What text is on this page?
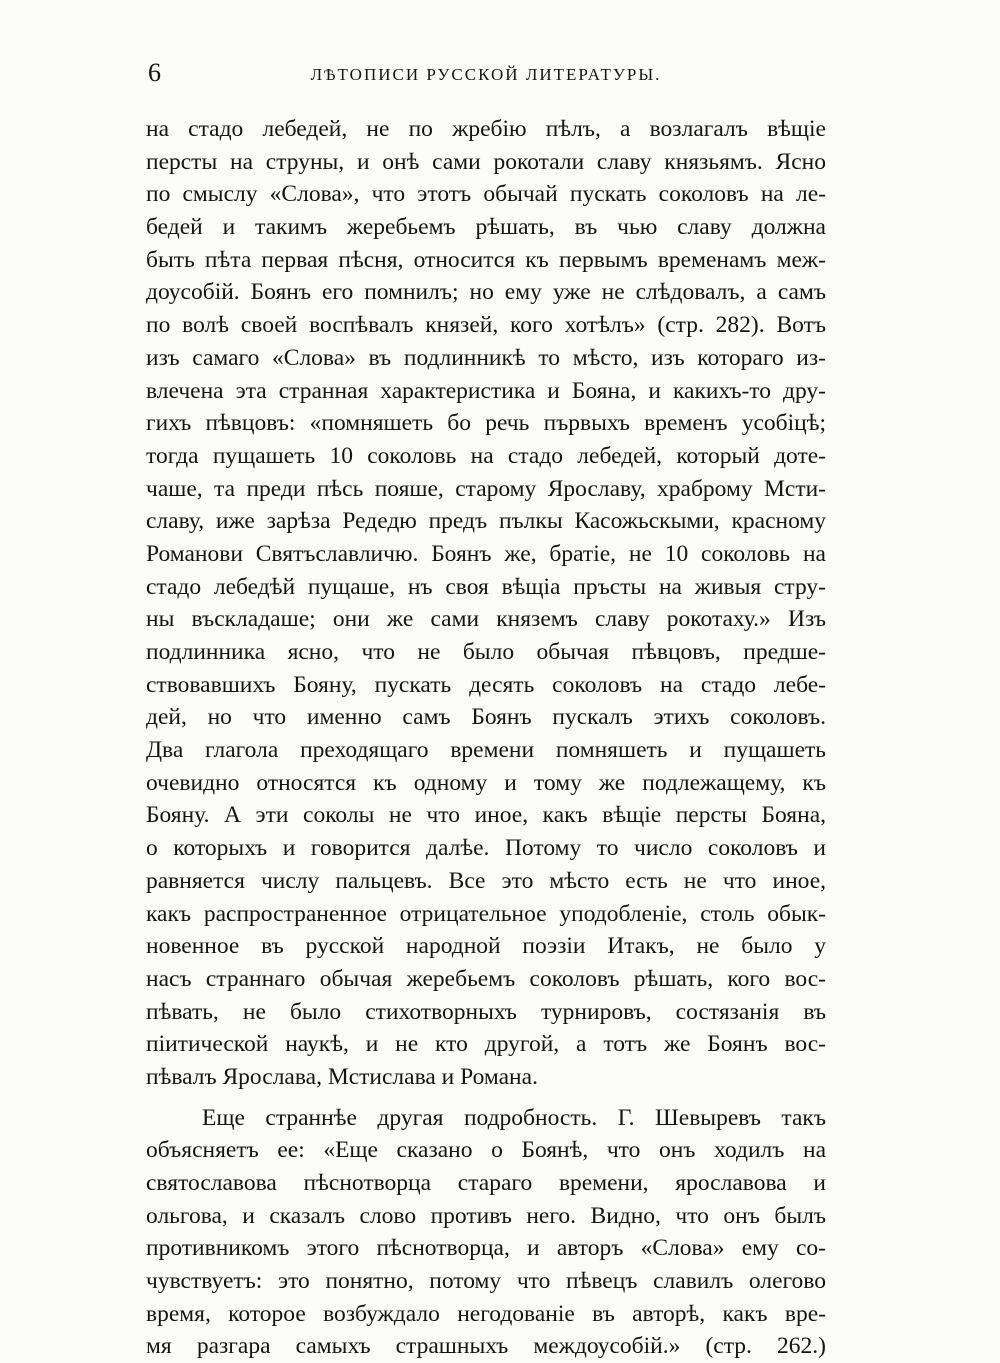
6	ЛѢТОПИСИ РУССКОЙ ЛИТЕРАТУРЫ.
на стадо лебедей, не по жребію пѣлъ, а возлагалъ вѣщіе
персты на струны, и онѣ сами рокотали славу князьямъ. Ясно
по смыслу «Слова», что этотъ обычай пускать соколовъ на ле-
бедей и такимъ жеребьемъ рѣшать, въ чью славу должна
быть пѣта первая пѣсня, относится къ первымъ временамъ меж-
доусобій. Боянъ его помнилъ; но ему уже не слѣдовалъ, а самъ
по волѣ своей воспѣвалъ князей, кого хотѣлъ» (стр. 282). Вотъ
изъ самаго «Слова» въ подлинникѣ то мѣсто, изъ котораго из-
влечена эта странная характеристика и Бояна, и какихъ-то дру-
гихъ пѣвцовъ: «помняшеть бо речь първыхъ временъ усобіцѣ;
тогда пущашеть 10 соколовь на стадо лебедей, который доте-
чаше, та преди пѣсь пояше, старому Ярославу, храброму Мсти-
славу, иже зарѣза Редедю предъ пълкы Касожьскыми, красному
Романови Святъславличю. Боянъ же, братіе, не 10 соколовь на
стадо лебедѣй пущаше, нъ своя вѣщіа пръсты на живыя стру-
ны въскладаше; они же сами княземъ славу рокотаху.» Изъ
подлинника ясно, что не было обычая пѣвцовъ, предше-
ствовавшихъ Бояну, пускать десять соколовъ на стадо лебе-
дей, но что именно самъ Боянъ пускалъ этихъ соколовъ.
Два глагола преходящаго времени помняшеть и пущашеть
очевидно относятся къ одному и тому же подлежащему, къ
Бояну. А эти соколы не что иное, какъ вѣщіе персты Бояна,
о которыхъ и говорится далѣе. Потому то число соколовъ и
равняется числу пальцевъ. Все это мѣсто есть не что иное,
какъ распространенное отрицательное уподобленіе, столь обык-
новенное въ русской народной поэзіи Итакъ, не было у
насъ страннаго обычая жеребьемъ соколовъ рѣшать, кого вос-
пѣвать, не было стихотворныхъ турнировъ, состязанія въ
піитической наукѣ, и не кто другой, а тотъ же Боянъ вос-
пѣвалъ Ярослава, Мстислава и Романа.
Еще страннѣе другая подробность. Г. Шевыревъ такъ
объясняетъ ее: «Еще сказано о Боянѣ, что онъ ходилъ на
святославова пѣснотворца стараго времени, ярославова и
ольгова, и сказалъ слово противъ него. Видно, что онъ былъ
противникомъ этого пѣснотворца, и авторъ «Слова» ему со-
чувствуетъ: это понятно, потому что пѣвецъ славилъ олегово
время, которое возбуждало негодованіе въ авторѣ, какъ вре-
мя разгара самыхъ страшныхъ междоусобій.» (стр. 262.)
